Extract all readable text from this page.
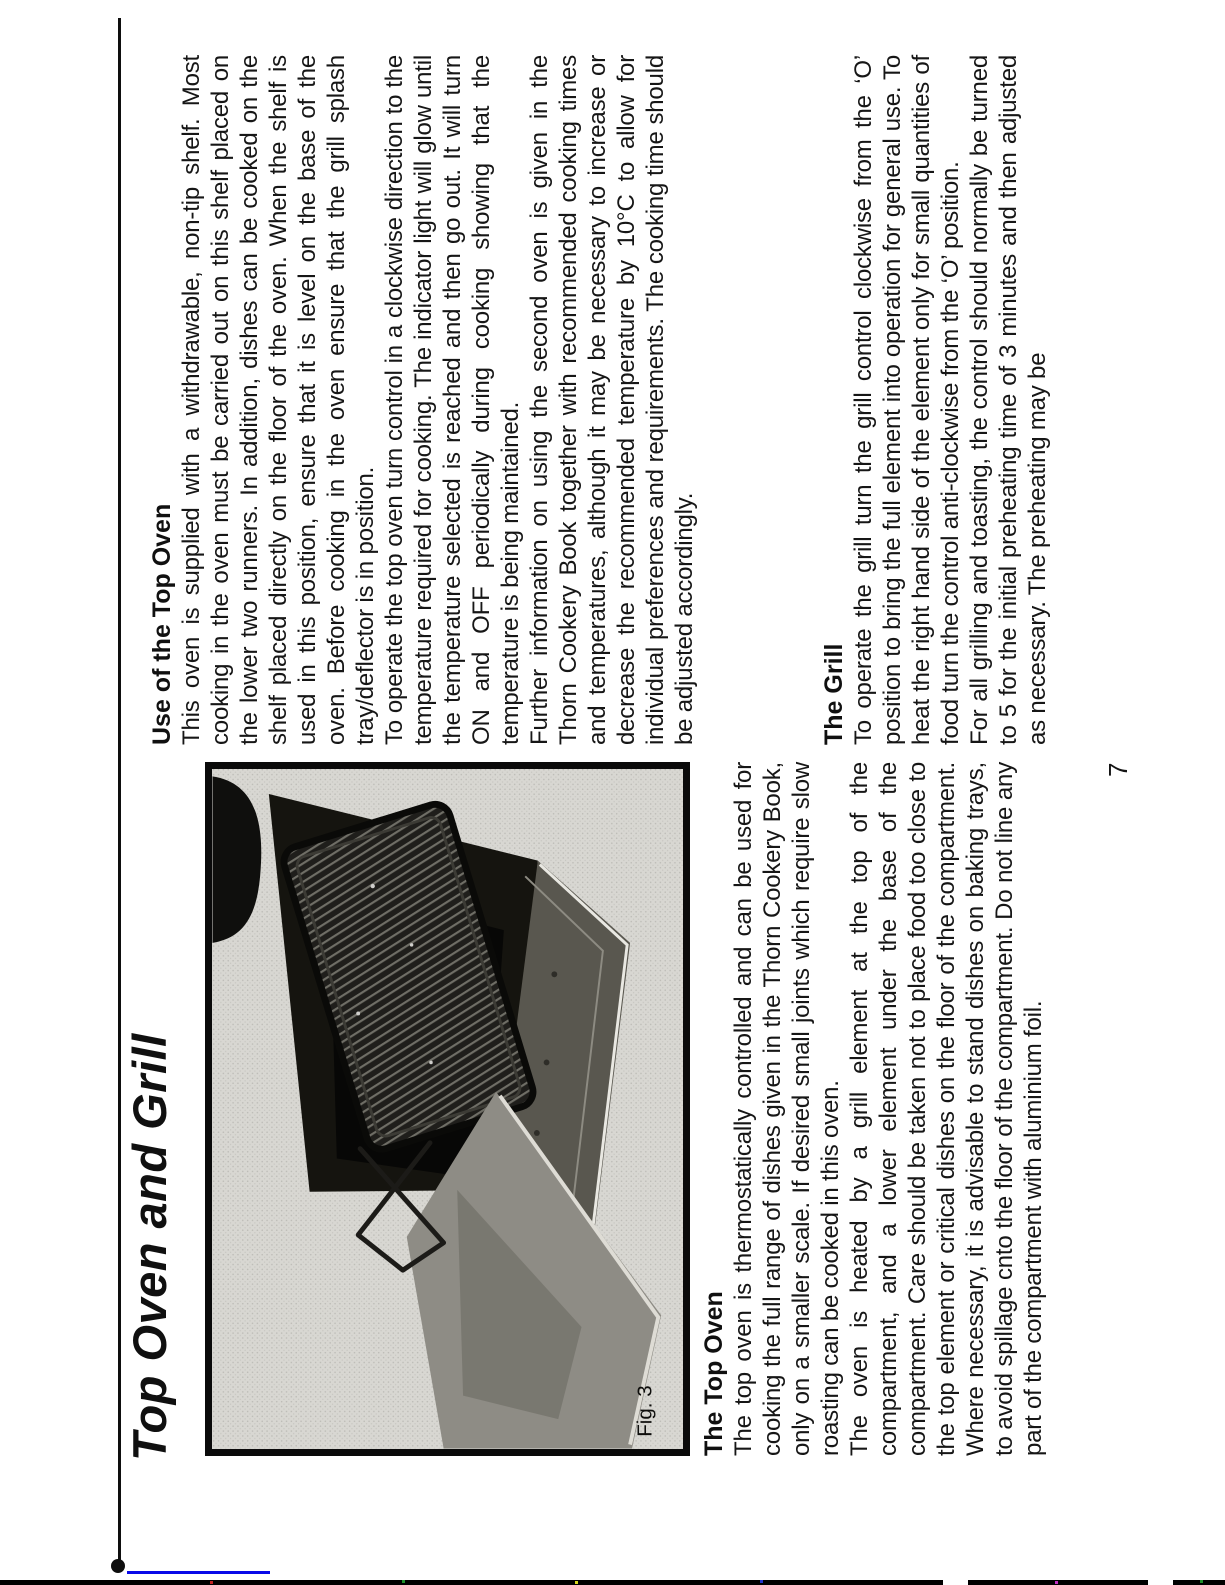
Top Oven and Grill	Fig. 3
Use of the Top Oven This oven is supplied with a withdrawable, non-tip shelf. Most cooking in the oven must be carried out on this shelf placed on the lower two runners. In addition, dishes can be cooked on the shelf placed directly on the floor of the oven. When the shelf is used in this position, ensure that it is level on the base of the oven. Before cooking in the oven ensure that the grill splash tray/deflector is in position. To operate the top oven turn control in a clockwise direction to the temperature required for cooking. The indicator light will glow until the temperature selected is reached and then go out. It will turn ON and OFF periodically during cooking showing that the temperature is being maintained. Further information on using the second oven is given in the Thorn Cookery Book together with recommended cooking times and temperatures, although it may be necessary to increase or decrease the recommended temperature by 10°C to allow for individual preferences and requirements. The cooking time should be adjusted accordingly.	The Grill To operate the grill turn the grill control clockwise from the ‘O’ position to bring the full element into operation for general use. To heat the right hand side of the element only for small quantities of food turn the control anti-clockwise from the ‘O’ position. For all grilling and toasting, the control should normally be turned to 5 for the initial preheating time of 3 minutes and then adjusted as necessary. The preheating may be

The Top Oven The top oven is thermostatically controlled and can be used for cooking the full range of dishes given in the Thorn Cookery Book, only on a smaller scale. If desired small joints which require slow roasting can be cooked in this oven. The oven is heated by a grill element at the top of the compartment, and a lower element under the base of the compartment. Care should be taken not to place food too close to the top element or critical dishes on the floor of the compartment. Where necessary, it is advisable to stand dishes on baking trays, to avoid spillage cnto the floor of the compartment. Do not line any part of the compartment with aluminium foil.

7
